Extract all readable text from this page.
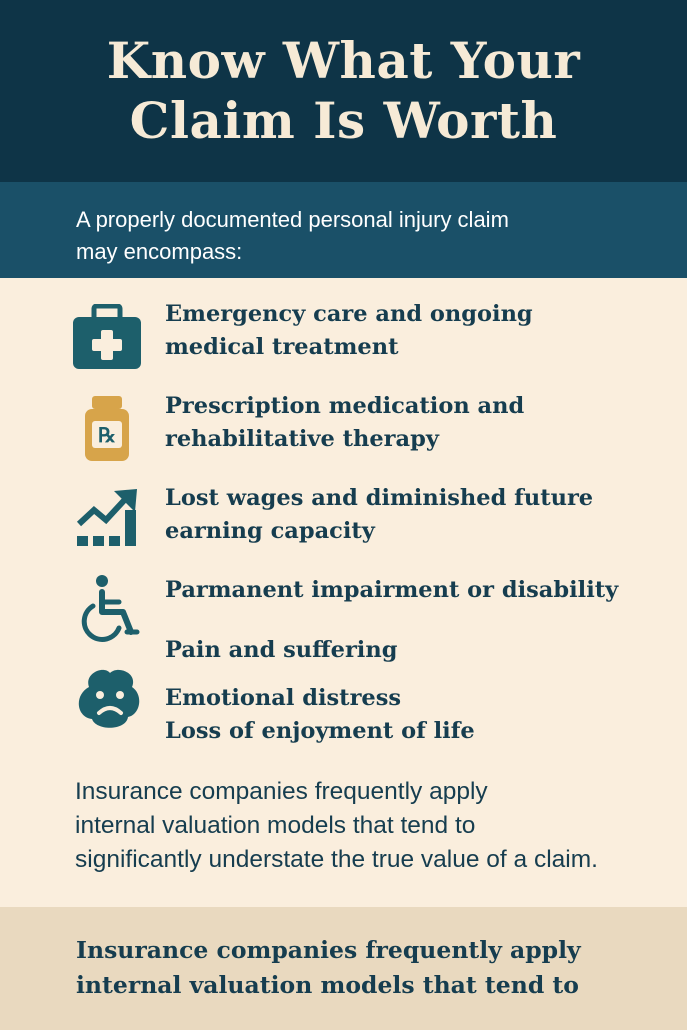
Know What Your
Claim Is Worth
A properly documented personal injury claim
may encompass:
℞
Emergency care and ongoing
medical treatment
Prescription medication and
rehabilitative therapy
Lost wages and diminished future
earning capacity
Parmanent impairment or disability
Pain and suffering
Emotional distress
Loss of enjoyment of life
Insurance companies frequently apply
internal valuation models that tend to
significantly understate the true value of a claim.
Insurance companies frequently apply
internal valuation models that tend to
